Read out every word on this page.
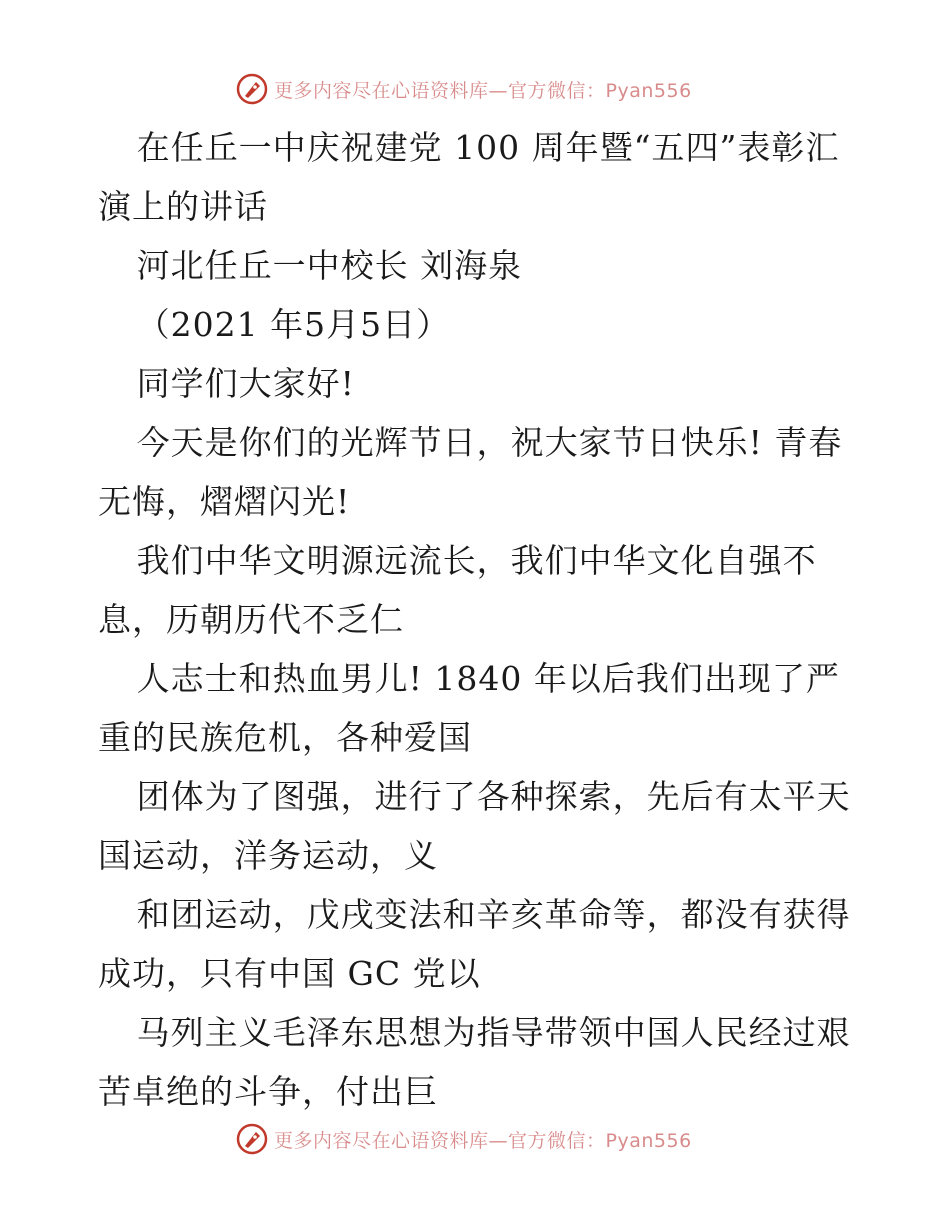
更多内容尽在心语资料库—官方微信：Pyan556

在任丘一中庆祝建党 100 周年暨“五四”表彰汇演上的讲话

河北任丘一中校长 刘海泉

（2021 年5月5日）

同学们大家好!

今天是你们的光辉节日，祝大家节日快乐! 青春无悔，熠熠闪光!

我们中华文明源远流长，我们中华文化自强不息，历朝历代不乏仁

人志士和热血男儿! 1840 年以后我们出现了严重的民族危机，各种爱国

团体为了图强，进行了各种探索，先后有太平天国运动，洋务运动，义

和团运动，戊戌变法和辛亥革命等，都没有获得成功，只有中国 GC 党以

马列主义毛泽东思想为指导带领中国人民经过艰苦卓绝的斗争，付出巨

更多内容尽在心语资料库—官方微信：Pyan556
